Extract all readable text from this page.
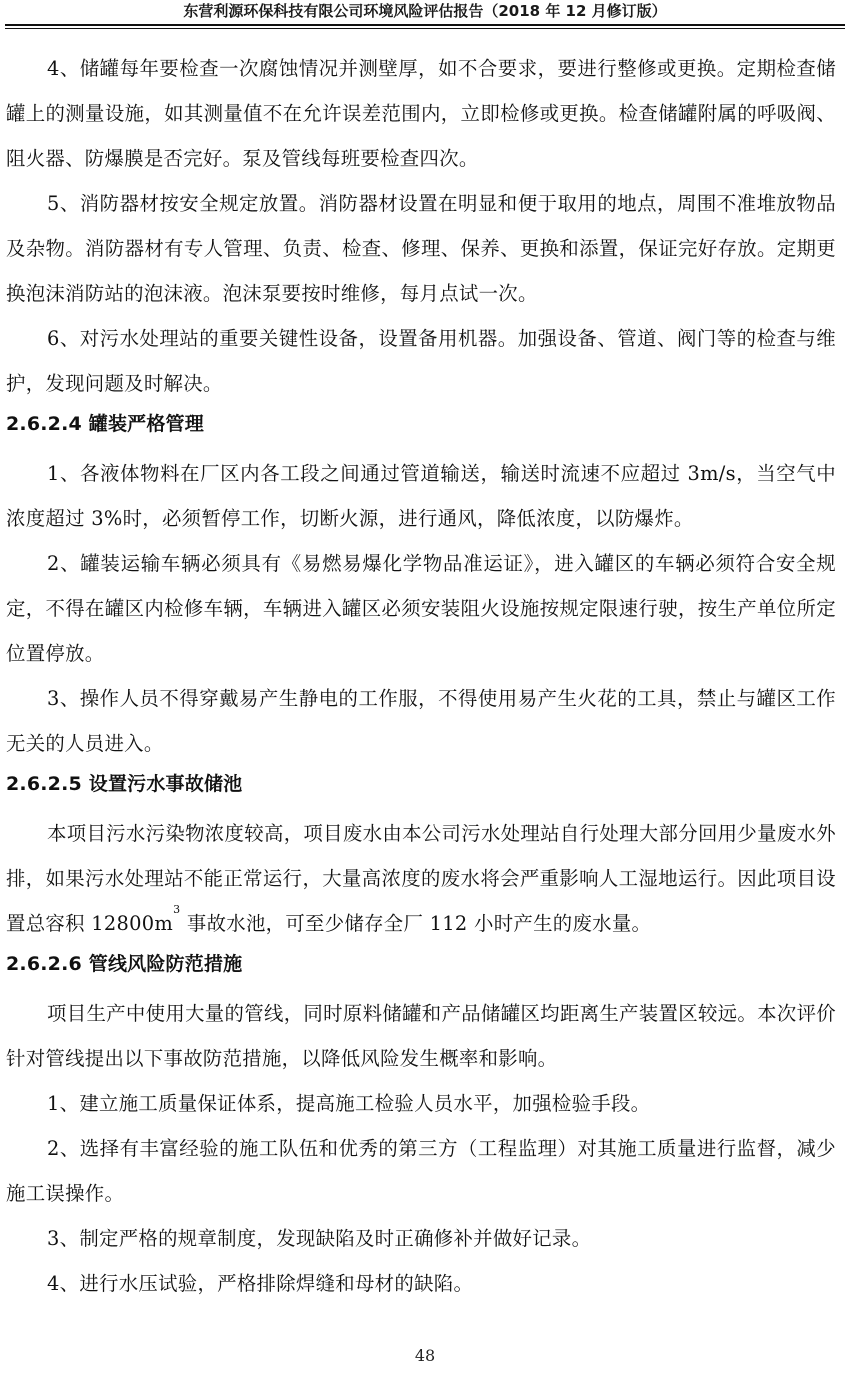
东营利源环保科技有限公司环境风险评估报告（2018 年 12 月修订版）

4、储罐每年要检查一次腐蚀情况并测壁厚，如不合要求，要进行整修或更换。定期检查储罐上的测量设施，如其测量值不在允许误差范围内，立即检修或更换。检查储罐附属的呼吸阀、阻火器、防爆膜是否完好。泵及管线每班要检查四次。

5、消防器材按安全规定放置。消防器材设置在明显和便于取用的地点，周围不准堆放物品及杂物。消防器材有专人管理、负责、检查、修理、保养、更换和添置，保证完好存放。定期更换泡沫消防站的泡沫液。泡沫泵要按时维修，每月点试一次。

6、对污水处理站的重要关键性设备，设置备用机器。加强设备、管道、阀门等的检查与维护，发现问题及时解决。

2.6.2.4 罐装严格管理

1、各液体物料在厂区内各工段之间通过管道输送，输送时流速不应超过 3m/s，当空气中浓度超过 3%时，必须暂停工作，切断火源，进行通风，降低浓度，以防爆炸。

2、罐装运输车辆必须具有《易燃易爆化学物品准运证》，进入罐区的车辆必须符合安全规定，不得在罐区内检修车辆，车辆进入罐区必须安装阻火设施按规定限速行驶，按生产单位所定位置停放。

3、操作人员不得穿戴易产生静电的工作服，不得使用易产生火花的工具，禁止与罐区工作无关的人员进入。

2.6.2.5 设置污水事故储池

本项目污水污染物浓度较高，项目废水由本公司污水处理站自行处理大部分回用少量废水外排，如果污水处理站不能正常运行，大量高浓度的废水将会严重影响人工湿地运行。因此项目设置总容积 $12800m^3$ 事故水池，可至少储存全厂 112 小时产生的废水量。

2.6.2.6 管线风险防范措施

项目生产中使用大量的管线，同时原料储罐和产品储罐区均距离生产装置区较远。本次评价针对管线提出以下事故防范措施，以降低风险发生概率和影响。

1、建立施工质量保证体系，提高施工检验人员水平，加强检验手段。

2、选择有丰富经验的施工队伍和优秀的第三方（工程监理）对其施工质量进行监督，减少施工误操作。

3、制定严格的规章制度，发现缺陷及时正确修补并做好记录。

4、进行水压试验，严格排除焊缝和母材的缺陷。

48
